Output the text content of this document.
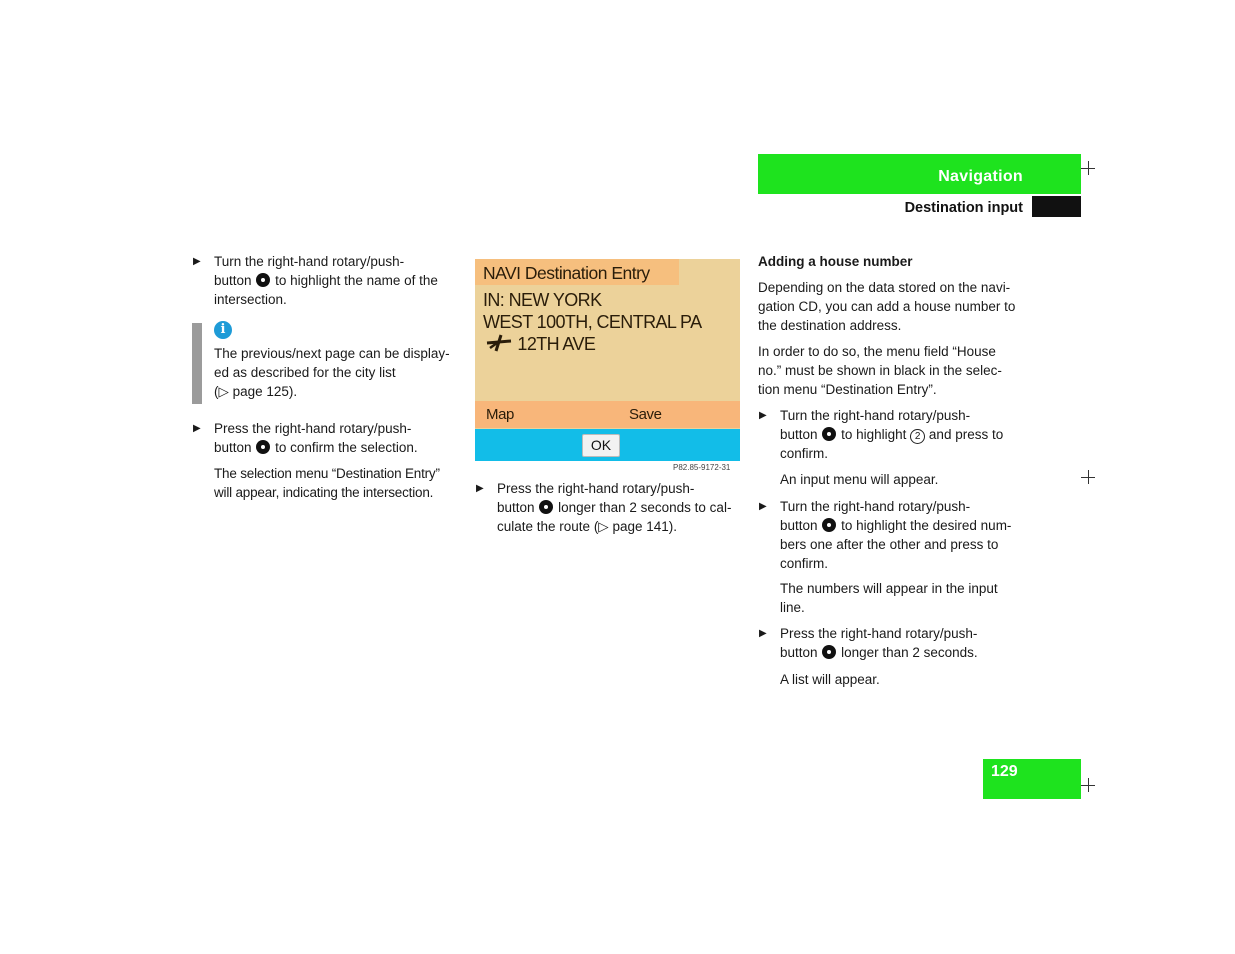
Navigation
Destination input
▶ Turn the right-hand rotary/push-
button to highlight the name of the
intersection.
i
The previous/next page can be display-
ed as described for the city list
(▷ page 125).
▶ Press the right-hand rotary/push-
button to confirm the selection.
The selection menu “Destination Entry”
will appear, indicating the intersection.
NAVI Destination Entry
IN: NEW YORK
WEST 100TH, CENTRAL PA
12TH AVE
Map	Save
OK
P82.85-9172-31
▶ Press the right-hand rotary/push-
button longer than 2 seconds to cal-
culate the route (▷ page 141).
Adding a house number
Depending on the data stored on the navi-
gation CD, you can add a house number to
the destination address.
In order to do so, the menu field “House
no.” must be shown in black in the selec-
tion menu “Destination Entry”.
▶ Turn the right-hand rotary/push-
button to highlight 2 and press to
confirm.
An input menu will appear.
▶ Turn the right-hand rotary/push-
button to highlight the desired num-
bers one after the other and press to
confirm.
The numbers will appear in the input
line.
▶ Press the right-hand rotary/push-
button longer than 2 seconds.
A list will appear.
129
